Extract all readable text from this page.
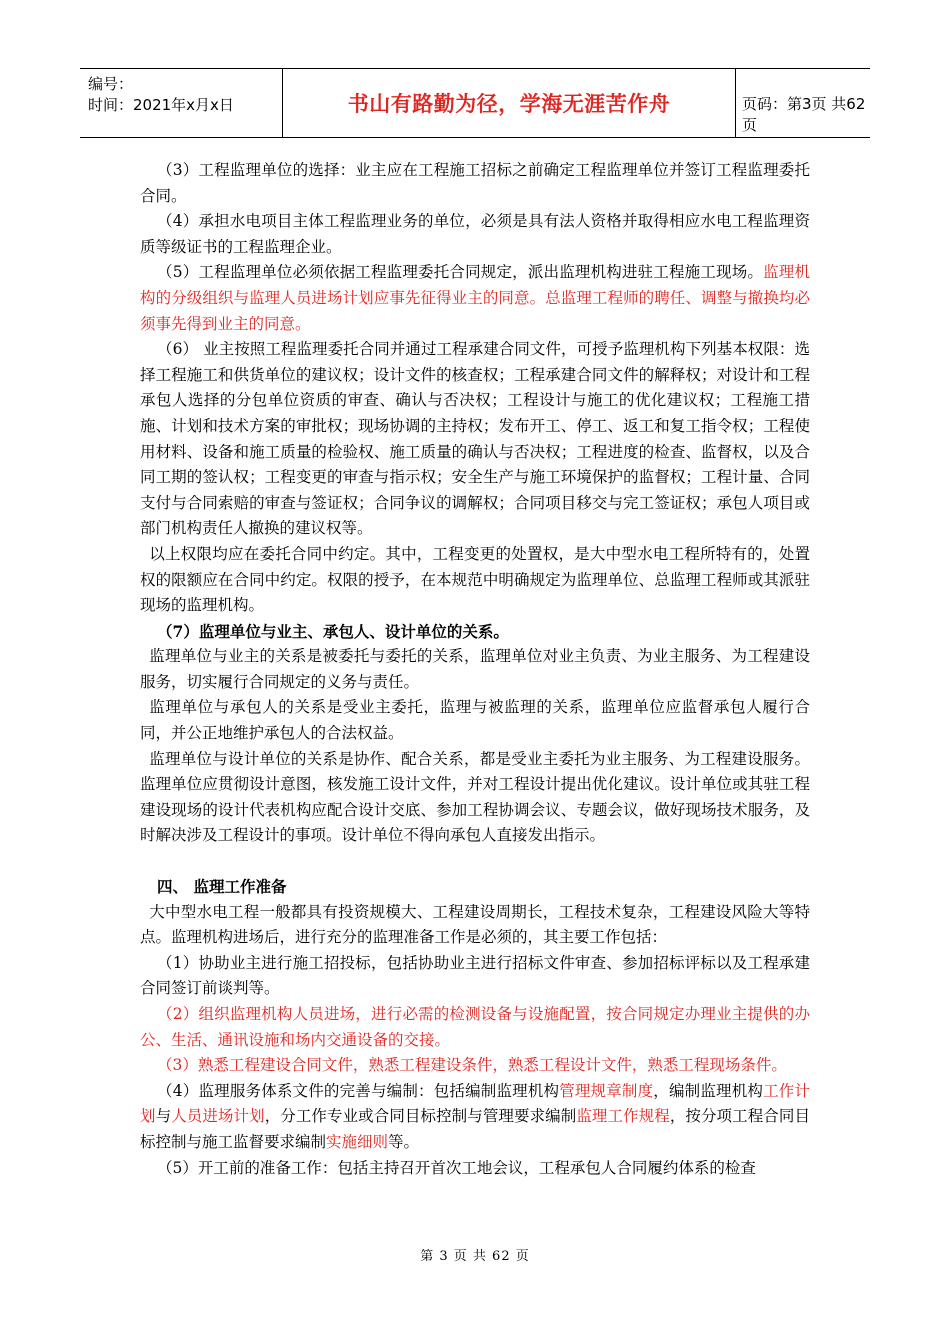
编号：
时间：2021年x月x日	书山有路勤为径，学海无涯苦作舟	页码：第3页 共62页

（3）工程监理单位的选择：业主应在工程施工招标之前确定工程监理单位并签订工程监理委托合同。

（4）承担水电项目主体工程监理业务的单位，必须是具有法人资格并取得相应水电工程监理资质等级证书的工程监理企业。

（5）工程监理单位必须依据工程监理委托合同规定，派出监理机构进驻工程施工现场。监理机构的分级组织与监理人员进场计划应事先征得业主的同意。总监理工程师的聘任、调整与撤换均必须事先得到业主的同意。

（6） 业主按照工程监理委托合同并通过工程承建合同文件，可授予监理机构下列基本权限：选择工程施工和供货单位的建议权；设计文件的核查权；工程承建合同文件的解释权；对设计和工程承包人选择的分包单位资质的审查、确认与否决权；工程设计与施工的优化建议权；工程施工措施、计划和技术方案的审批权；现场协调的主持权；发布开工、停工、返工和复工指令权；工程使用材料、设备和施工质量的检验权、施工质量的确认与否决权；工程进度的检查、监督权，以及合同工期的签认权；工程变更的审查与指示权；安全生产与施工环境保护的监督权；工程计量、合同支付与合同索赔的审查与签证权；合同争议的调解权；合同项目移交与完工签证权；承包人项目或部门机构责任人撤换的建议权等。

以上权限均应在委托合同中约定。其中，工程变更的处置权，是大中型水电工程所特有的，处置权的限额应在合同中约定。权限的授予，在本规范中明确规定为监理单位、总监理工程师或其派驻现场的监理机构。

（7）监理单位与业主、承包人、设计单位的关系。

监理单位与业主的关系是被委托与委托的关系，监理单位对业主负责、为业主服务、为工程建设服务，切实履行合同规定的义务与责任。

监理单位与承包人的关系是受业主委托，监理与被监理的关系，监理单位应监督承包人履行合同，并公正地维护承包人的合法权益。

监理单位与设计单位的关系是协作、配合关系，都是受业主委托为业主服务、为工程建设服务。监理单位应贯彻设计意图，核发施工设计文件，并对工程设计提出优化建议。设计单位或其驻工程建设现场的设计代表机构应配合设计交底、参加工程协调会议、专题会议，做好现场技术服务，及时解决涉及工程设计的事项。设计单位不得向承包人直接发出指示。

四、 监理工作准备

大中型水电工程一般都具有投资规模大、工程建设周期长，工程技术复杂，工程建设风险大等特点。监理机构进场后，进行充分的监理准备工作是必须的，其主要工作包括：

（1）协助业主进行施工招投标，包括协助业主进行招标文件审查、参加招标评标以及工程承建合同签订前谈判等。

（2）组织监理机构人员进场，进行必需的检测设备与设施配置，按合同规定办理业主提供的办公、生活、通讯设施和场内交通设备的交接。

（3）熟悉工程建设合同文件，熟悉工程建设条件，熟悉工程设计文件，熟悉工程现场条件。

（4）监理服务体系文件的完善与编制：包括编制监理机构管理规章制度，编制监理机构工作计划与人员进场计划，分工作专业或合同目标控制与管理要求编制监理工作规程，按分项工程合同目标控制与施工监督要求编制实施细则等。

（5）开工前的准备工作：包括主持召开首次工地会议，工程承包人合同履约体系的检查

第 3 页 共 62 页
